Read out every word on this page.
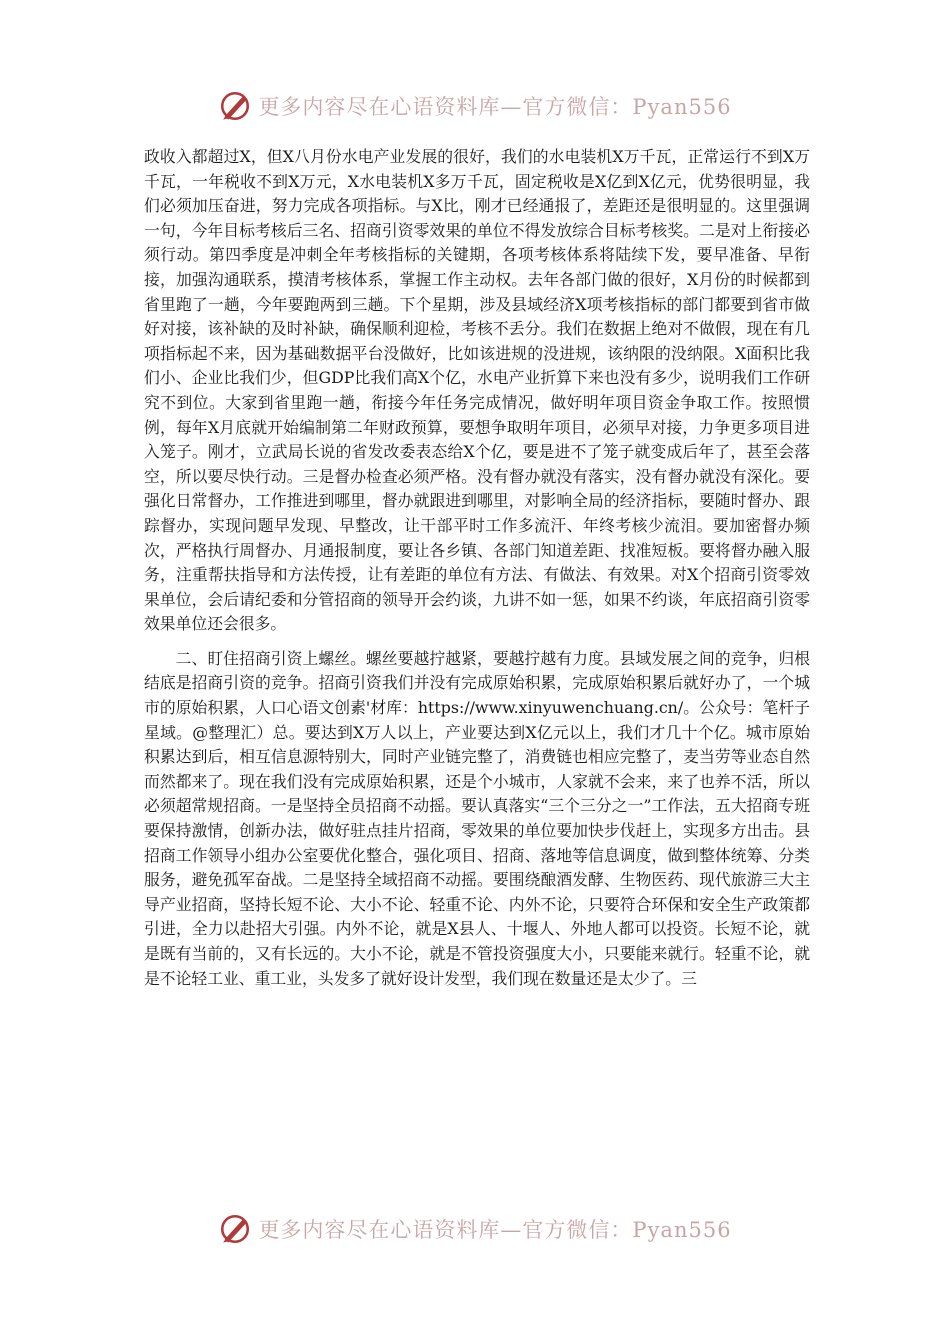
更多内容尽在心语资料库—官方微信：Pyan556

政收入都超过X，但X八月份水电产业发展的很好，我们的水电装机X万千瓦，正常运行不到X万千瓦，一年税收不到X万元，X水电装机X多万千瓦，固定税收是X亿到X亿元，优势很明显，我们必须加压奋进，努力完成各项指标。与X比，刚才已经通报了，差距还是很明显的。这里强调一句，今年目标考核后三名、招商引资零效果的单位不得发放综合目标考核奖。二是对上衔接必须行动。第四季度是冲刺全年考核指标的关键期，各项考核体系将陆续下发，要早准备、早衔接，加强沟通联系，摸清考核体系，掌握工作主动权。去年各部门做的很好，X月份的时候都到省里跑了一趟，今年要跑两到三趟。下个星期，涉及县域经济X项考核指标的部门都要到省市做好对接，该补缺的及时补缺，确保顺利迎检，考核不丢分。我们在数据上绝对不做假，现在有几项指标起不来，因为基础数据平台没做好，比如该进规的没进规，该纳限的没纳限。X面积比我们小、企业比我们少，但GDP比我们高X个亿，水电产业折算下来也没有多少，说明我们工作研究不到位。大家到省里跑一趟，衔接今年任务完成情况，做好明年项目资金争取工作。按照惯例，每年X月底就开始编制第二年财政预算，要想争取明年项目，必须早对接，力争更多项目进入笼子。刚才，立武局长说的省发改委表态给X个亿，要是进不了笼子就变成后年了，甚至会落空，所以要尽快行动。三是督办检查必须严格。没有督办就没有落实，没有督办就没有深化。要强化日常督办，工作推进到哪里，督办就跟进到哪里，对影响全局的经济指标，要随时督办、跟踪督办，实现问题早发现、早整改，让干部平时工作多流汗、年终考核少流泪。要加密督办频次，严格执行周督办、月通报制度，要让各乡镇、各部门知道差距、找准短板。要将督办融入服务，注重帮扶指导和方法传授，让有差距的单位有方法、有做法、有效果。对X个招商引资零效果单位，会后请纪委和分管招商的领导开会约谈，九讲不如一惩，如果不约谈，年底招商引资零效果单位还会很多。

二、盯住招商引资上螺丝。螺丝要越拧越紧，要越拧越有力度。县域发展之间的竞争，归根结底是招商引资的竞争。招商引资我们并没有完成原始积累，完成原始积累后就好办了，一个城市的原始积累，人口心语文创素'材库：https://www.xinyuwenchuang.cn/。公众号：笔杆子星域。@整理汇）总。要达到X万人以上，产业要达到X亿元以上，我们才几十个亿。城市原始积累达到后，相互信息源特别大，同时产业链完整了，消费链也相应完整了，麦当劳等业态自然而然都来了。现在我们没有完成原始积累，还是个小城市，人家就不会来，来了也养不活，所以必须超常规招商。一是坚持全员招商不动摇。要认真落实“三个三分之一”工作法，五大招商专班要保持激情，创新办法，做好驻点挂片招商，零效果的单位要加快步伐赶上，实现多方出击。县招商工作领导小组办公室要优化整合，强化项目、招商、落地等信息调度，做到整体统筹、分类服务，避免孤军奋战。二是坚持全域招商不动摇。要围绕酿酒发酵、生物医药、现代旅游三大主导产业招商，坚持长短不论、大小不论、轻重不论、内外不论，只要符合环保和安全生产政策都引进，全力以赴招大引强。内外不论，就是X县人、十堰人、外地人都可以投资。长短不论，就是既有当前的，又有长远的。大小不论，就是不管投资强度大小，只要能来就行。轻重不论，就是不论轻工业、重工业，头发多了就好设计发型，我们现在数量还是太少了。三

更多内容尽在心语资料库—官方微信：Pyan556
